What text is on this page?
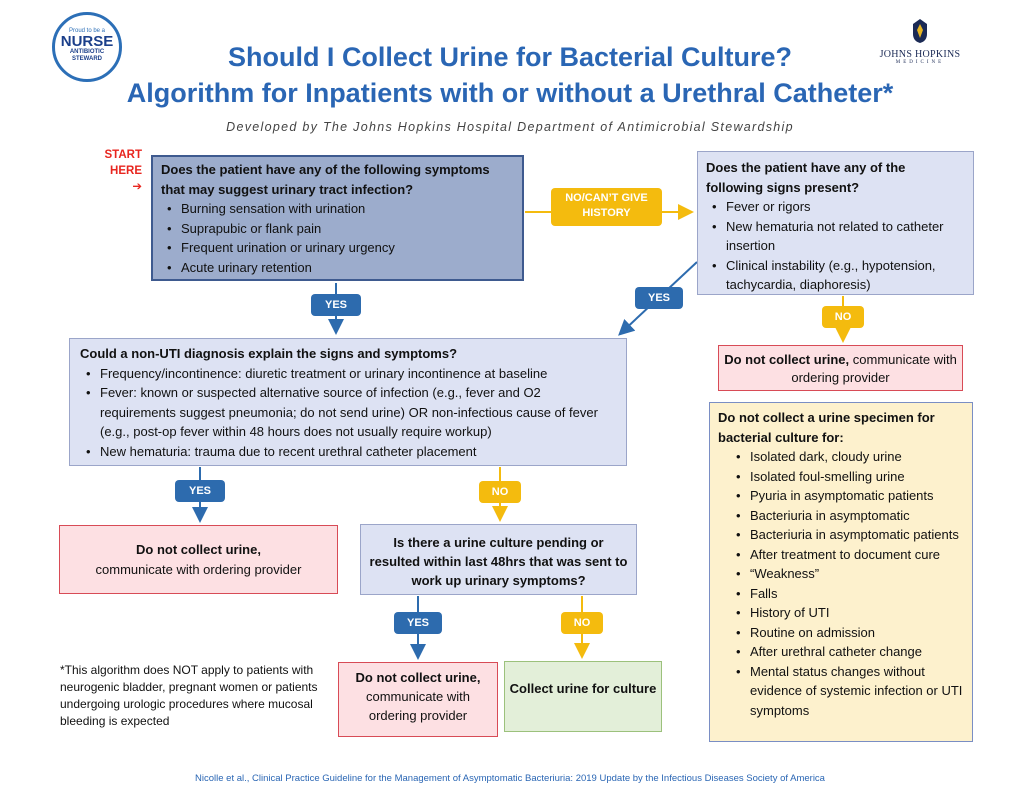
Proud to be a
NURSE
ANTIBIOTIC
STEWARD	JOHNS HOPKINS
MEDICINE
Should I Collect Urine for Bacterial Culture?
Algorithm for Inpatients with or without a Urethral Catheter*
Developed by The Johns Hopkins Hospital Department of Antimicrobial Stewardship
START
HERE ➔
Does the patient have any of the following symptoms that may suggest urinary tract infection?
• Burning sensation with urination
• Suprapubic or flank pain
• Frequent urination or urinary urgency
• Acute urinary retention
NO/CAN’T GIVE HISTORY
Does the patient have any of the following signs present?
• Fever or rigors
• New hematuria not related to catheter insertion
• Clinical instability (e.g., hypotension, tachycardia, diaphoresis)
YES
YES
NO
Do not collect urine, communicate with ordering provider
Could a non-UTI diagnosis explain the signs and symptoms?
• Frequency/incontinence: diuretic treatment or urinary incontinence at baseline
• Fever: known or suspected alternative source of infection (e.g., fever and O2 requirements suggest pneumonia; do not send urine) OR non-infectious cause of fever (e.g., post-op fever within 48 hours does not usually require workup)
• New hematuria: trauma due to recent urethral catheter placement
YES	NO
Do not collect urine,
communicate with ordering provider
Is there a urine culture pending or resulted within last 48hrs that was sent to work up urinary symptoms?
YES	NO
Do not collect urine,
communicate with ordering provider
Collect urine for culture
Do not collect a urine specimen for bacterial culture for:
• Isolated dark, cloudy urine
• Isolated foul-smelling urine
• Pyuria in asymptomatic patients
• Bacteriuria in asymptomatic
• Bacteriuria in asymptomatic patients
• After treatment to document cure
• “Weakness”
• Falls
• History of UTI
• Routine on admission
• After urethral catheter change
• Mental status changes without evidence of systemic infection or UTI symptoms
*This algorithm does NOT apply to patients with neurogenic bladder, pregnant women or patients undergoing urologic procedures where mucosal bleeding is expected
Nicolle et al., Clinical Practice Guideline for the Management of Asymptomatic Bacteriuria: 2019 Update by the Infectious Diseases Society of America
